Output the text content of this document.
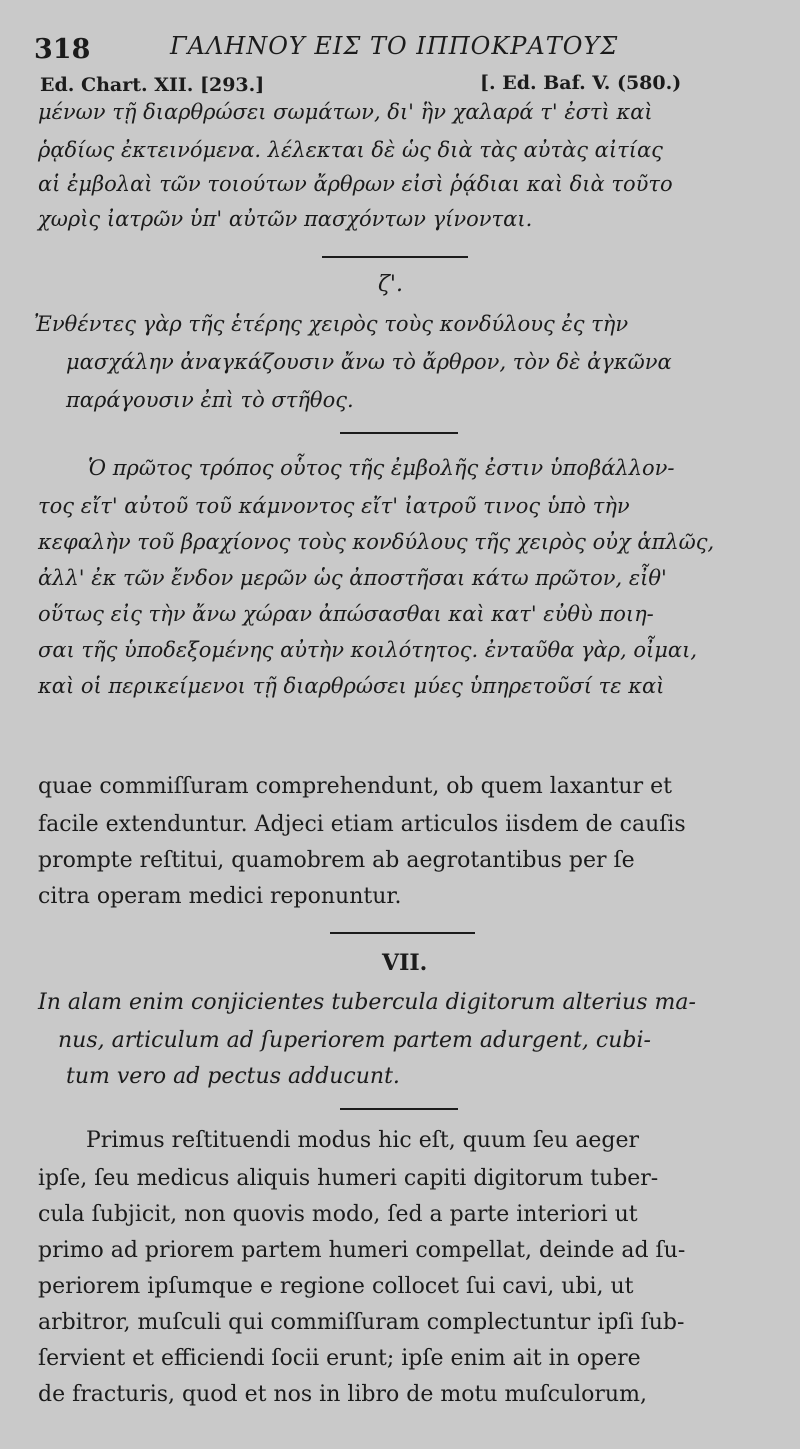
318	ΓΑΛΗΝΟΥ ΕΙΣ ΤΟ ΙΠΠΟΚΡΑΤΟΥΣ
Ed. Chart. XII. [293.]	[. Ed. Baf. V. (580.)
μένων τῇ διαρθρώσει σωμάτων, δι' ἣν χαλαρά τ' ἐστὶ καὶ
ῥᾳδίως ἐκτεινόμενα. λέλεκται δὲ ὡς διὰ τὰς αὐτὰς αἰτίας
αἱ ἐμβολαὶ τῶν τοιούτων ἄρθρων εἰσὶ ῥᾴδιαι καὶ διὰ τοῦτο
χωρὶς ἰατρῶν ὑπ' αὐτῶν πασχόντων γίνονται.
ζ'.
Ἐνθέντες γὰρ τῆς ἑτέρης χειρὸς τοὺς κονδύλους ἐς τὴν
μασχάλην ἀναγκάζουσιν ἄνω τὸ ἄρθρον, τὸν δὲ ἀγκῶνα
παράγουσιν ἐπὶ τὸ στῆθος.
Ὁ πρῶτος τρόπος οὗτος τῆς ἐμβολῆς ἐστιν ὑποβάλλον-
τος εἴτ' αὐτοῦ τοῦ κάμνοντος εἴτ' ἰατροῦ τινος ὑπὸ τὴν
κεφαλὴν τοῦ βραχίονος τοὺς κονδύλους τῆς χειρὸς οὐχ ἁπλῶς,
ἀλλ' ἐκ τῶν ἔνδον μερῶν ὡς ἀποστῆσαι κάτω πρῶτον, εἶθ'
οὕτως εἰς τὴν ἄνω χώραν ἀπώσασθαι καὶ κατ' εὐθὺ ποιη-
σαι τῆς ὑποδεξομένης αὐτὴν κοιλότητος. ἐνταῦθα γὰρ, οἶμαι,
καὶ οἱ περικείμενοι τῇ διαρθρώσει μύες ὑπηρετοῦσί τε καὶ
quae commiſſuram comprehendunt, ob quem laxantur et
facile extenduntur. Adjeci etiam articulos iisdem de cauſis
prompte reſtitui, quamobrem ab aegrotantibus per ſe
citra operam medici reponuntur.
VII.
In alam enim conjicientes tubercula digitorum alterius ma-
nus, articulum ad ſuperiorem partem adurgent, cubi-
tum vero ad pectus adducunt.
Primus reſtituendi modus hic eſt, quum ſeu aeger
ipſe, ſeu medicus aliquis humeri capiti digitorum tuber-
cula ſubjicit, non quovis modo, ſed a parte interiori ut
primo ad priorem partem humeri compellat, deinde ad ſu-
periorem ipſumque e regione collocet ſui cavi, ubi, ut
arbitror, muſculi qui commiſſuram complectuntur ipſi ſub-
ſervient et efficiendi ſocii erunt; ipſe enim ait in opere
de fracturis, quod et nos in libro de motu muſculorum,
